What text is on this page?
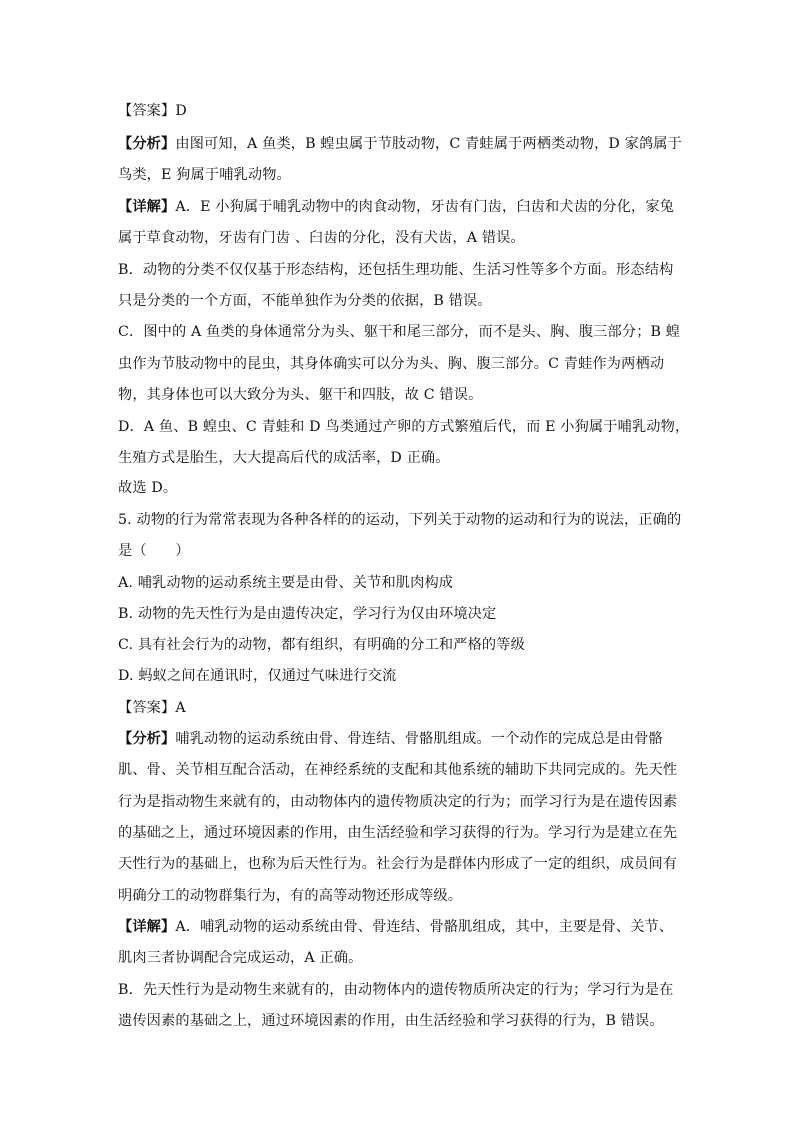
【答案】D
【分析】由图可知，A 鱼类，B 蝗虫属于节肢动物，C 青蛙属于两栖类动物，D 家鸽属于
鸟类，E 狗属于哺乳动物。
【详解】A．E 小狗属于哺乳动物中的肉食动物，牙齿有门齿，臼齿和犬齿的分化，家兔
属于草食动物，牙齿有门齿 、臼齿的分化，没有犬齿，A 错误。
B．动物的分类不仅仅基于形态结构，还包括生理功能、生活习性等多个方面。形态结构
只是分类的一个方面，不能单独作为分类的依据，B 错误。
C．图中的 A 鱼类的身体通常分为头、躯干和尾三部分，而不是头、胸、腹三部分；B 蝗
虫作为节肢动物中的昆虫，其身体确实可以分为头、胸、腹三部分。C 青蛙作为两栖动
物，其身体也可以大致分为头、躯干和四肢，故 C 错误。
D．A 鱼、B 蝗虫、C 青蛙和 D 鸟类通过产卵的方式繁殖后代，而 E 小狗属于哺乳动物，
生殖方式是胎生，大大提高后代的成活率，D 正确。
故选 D。
5. 动物的行为常常表现为各种各样的的运动，下列关于动物的运动和行为的说法，正确的
是（　　）
A. 哺乳动物的运动系统主要是由骨、关节和肌肉构成
B. 动物的先天性行为是由遗传决定，学习行为仅由环境决定
C. 具有社会行为的动物，都有组织，有明确的分工和严格的等级
D. 蚂蚁之间在通讯时，仅通过气味进行交流
【答案】A
【分析】哺乳动物的运动系统由骨、骨连结、骨骼肌组成。一个动作的完成总是由骨骼
肌、骨、关节相互配合活动，在神经系统的支配和其他系统的辅助下共同完成的。先天性
行为是指动物生来就有的，由动物体内的遗传物质决定的行为；而学习行为是在遗传因素
的基础之上，通过环境因素的作用，由生活经验和学习获得的行为。学习行为是建立在先
天性行为的基础上，也称为后天性行为。社会行为是群体内形成了一定的组织，成员间有
明确分工的动物群集行为，有的高等动物还形成等级。
【详解】A．哺乳动物的运动系统由骨、骨连结、骨骼肌组成，其中，主要是骨、关节、
肌肉三者协调配合完成运动，A 正确。
B．先天性行为是动物生来就有的，由动物体内的遗传物质所决定的行为；学习行为是在
遗传因素的基础之上，通过环境因素的作用，由生活经验和学习获得的行为，B 错误。
